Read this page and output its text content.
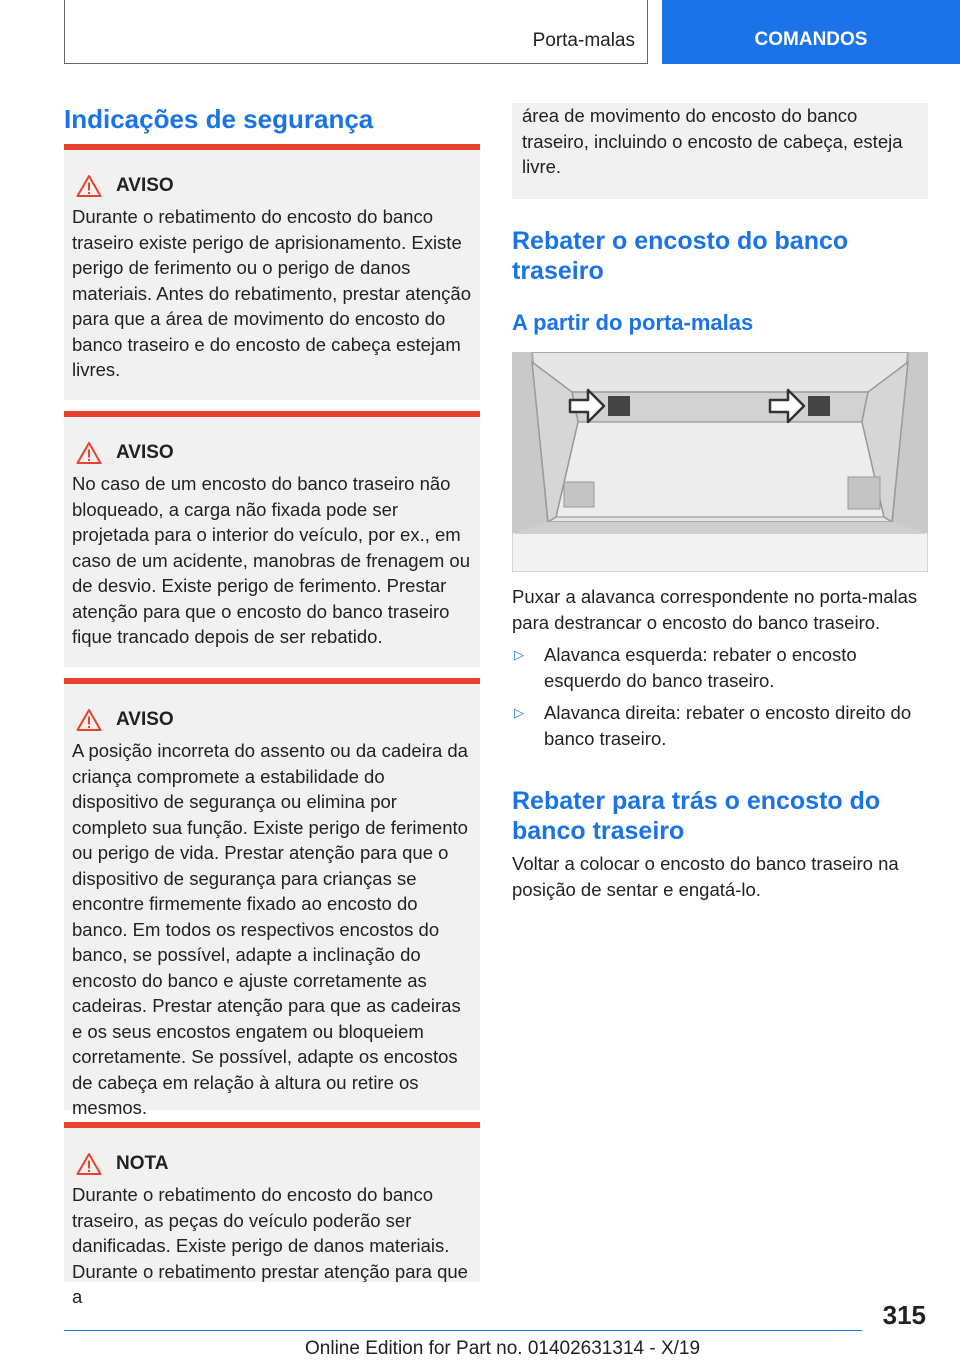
Porta-malas	COMANDOS
Indicações de segurança
AVISO
Durante o rebatimento do encosto do banco traseiro existe perigo de aprisionamento. Existe perigo de ferimento ou o perigo de danos materiais. Antes do rebatimento, prestar atenção para que a área de movimento do encosto do banco traseiro e do encosto de cabeça estejam livres.
AVISO
No caso de um encosto do banco traseiro não bloqueado, a carga não fixada pode ser projetada para o interior do veículo, por ex., em caso de um acidente, manobras de frenagem ou de desvio. Existe perigo de ferimento. Prestar atenção para que o encosto do banco traseiro fique trancado depois de ser rebatido.
AVISO
A posição incorreta do assento ou da cadeira da criança compromete a estabilidade do dispositivo de segurança ou elimina por completo sua função. Existe perigo de ferimento ou perigo de vida. Prestar atenção para que o dispositivo de segurança para crianças se encontre firmemente fixado ao encosto do banco. Em todos os respectivos encostos do banco, se possível, adapte a inclinação do encosto do banco e ajuste corretamente as cadeiras. Prestar atenção para que as cadeiras e os seus encostos engatem ou bloqueiem corretamente. Se possível, adapte os encostos de cabeça em relação à altura ou retire os mesmos.
NOTA
Durante o rebatimento do encosto do banco traseiro, as peças do veículo poderão ser danificadas. Existe perigo de danos materiais. Durante o rebatimento prestar atenção para que a
área de movimento do encosto do banco traseiro, incluindo o encosto de cabeça, esteja livre.
Rebater o encosto do banco traseiro
A partir do porta-malas

Puxar a alavanca correspondente no porta-malas para destrancar o encosto do banco traseiro.

▷	Alavanca esquerda: rebater o encosto esquerdo do banco traseiro.
▷	Alavanca direita: rebater o encosto direito do banco traseiro.
Rebater para trás o encosto do banco traseiro

Voltar a colocar o encosto do banco traseiro na posição de sentar e engatá-lo.

315
Online Edition for Part no. 01402631314 - X/19
